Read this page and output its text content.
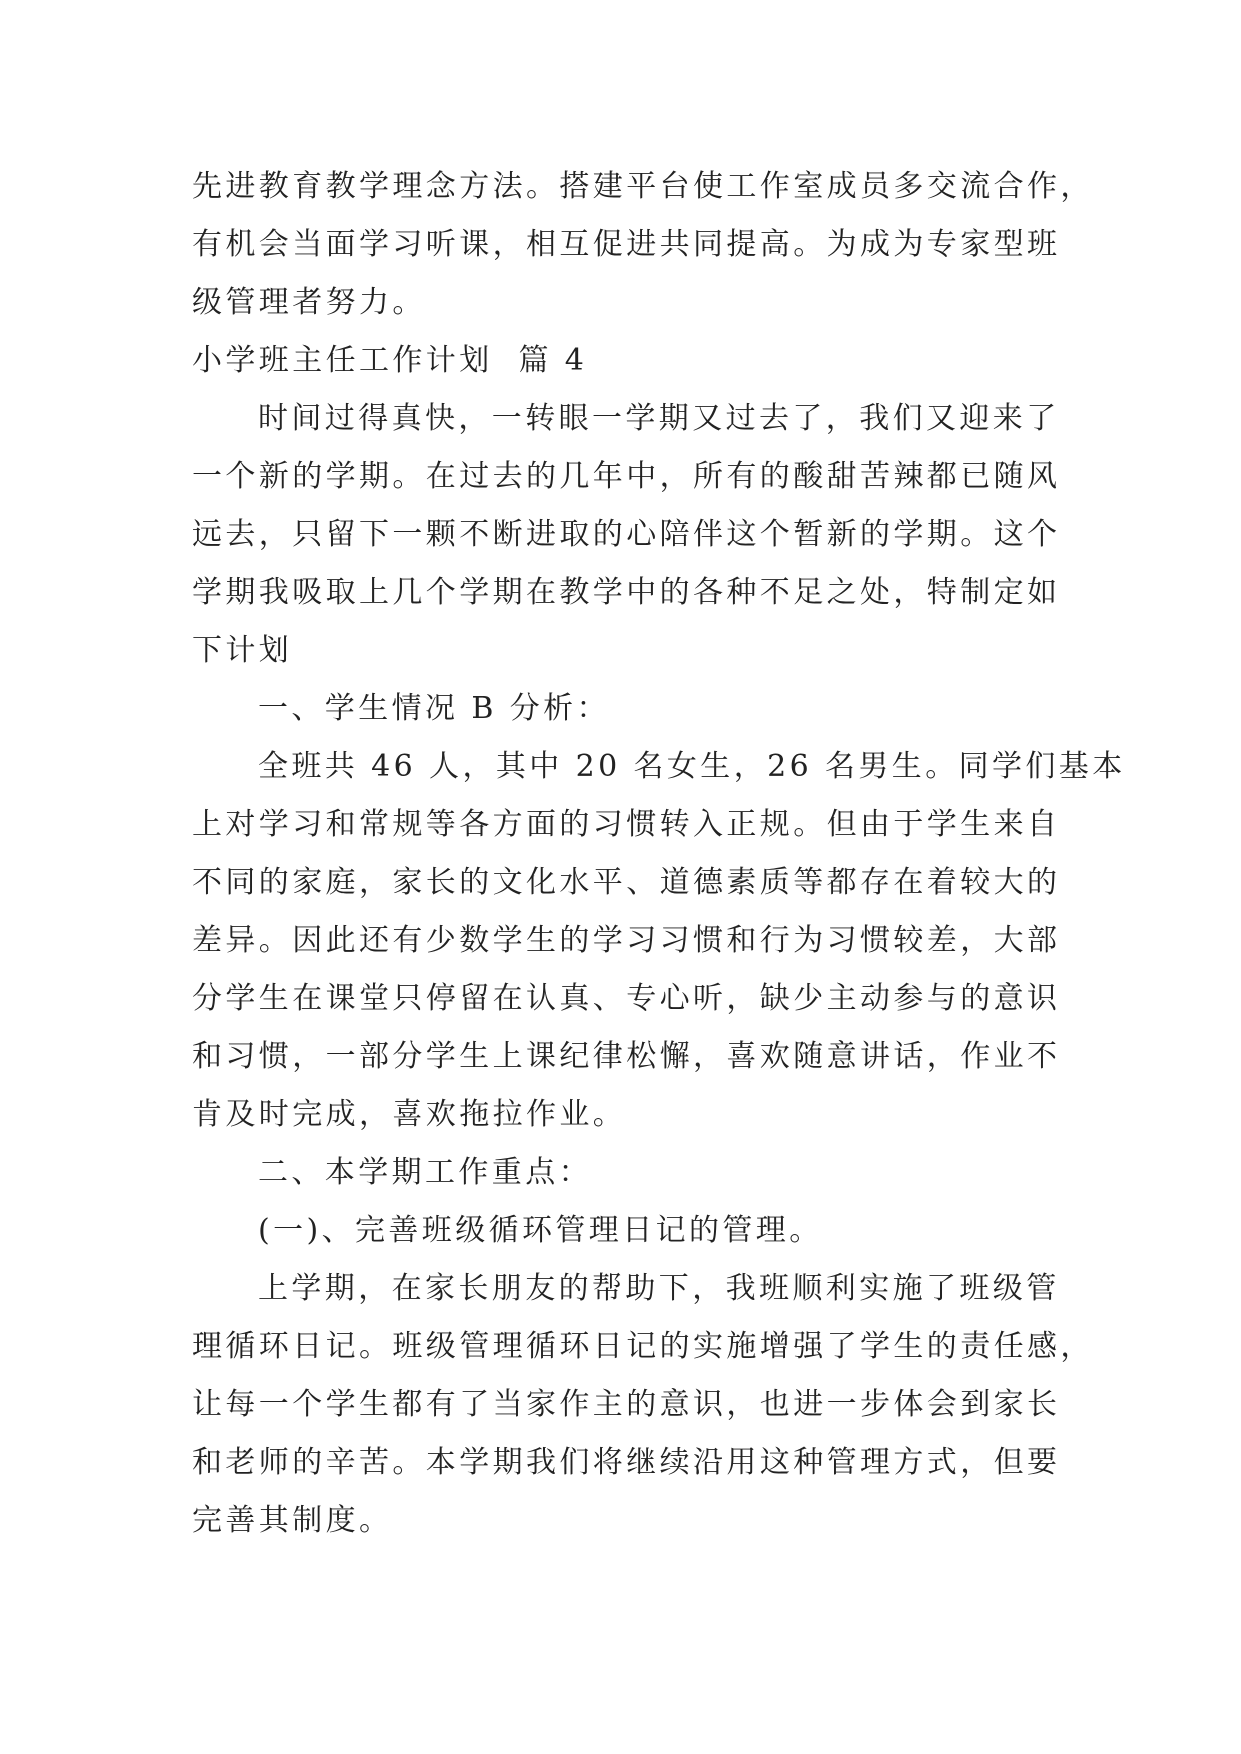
先进教育教学理念方法。搭建平台使工作室成员多交流合作，
有机会当面学习听课，相互促进共同提高。为成为专家型班
级管理者努力。
小学班主任工作计划  篇 4
时间过得真快，一转眼一学期又过去了，我们又迎来了
一个新的学期。在过去的几年中，所有的酸甜苦辣都已随风
远去，只留下一颗不断进取的心陪伴这个暂新的学期。这个
学期我吸取上几个学期在教学中的各种不足之处，特制定如
下计划
一、学生情况 B 分析：
全班共 46 人，其中 20 名女生，26 名男生。同学们基本
上对学习和常规等各方面的习惯转入正规。但由于学生来自
不同的家庭，家长的文化水平、道德素质等都存在着较大的
差异。因此还有少数学生的学习习惯和行为习惯较差，大部
分学生在课堂只停留在认真、专心听，缺少主动参与的意识
和习惯，一部分学生上课纪律松懈，喜欢随意讲话，作业不
肯及时完成，喜欢拖拉作业。
二、本学期工作重点：
(一)、完善班级循环管理日记的管理。
上学期，在家长朋友的帮助下，我班顺利实施了班级管
理循环日记。班级管理循环日记的实施增强了学生的责任感，
让每一个学生都有了当家作主的意识，也进一步体会到家长
和老师的辛苦。本学期我们将继续沿用这种管理方式，但要
完善其制度。
